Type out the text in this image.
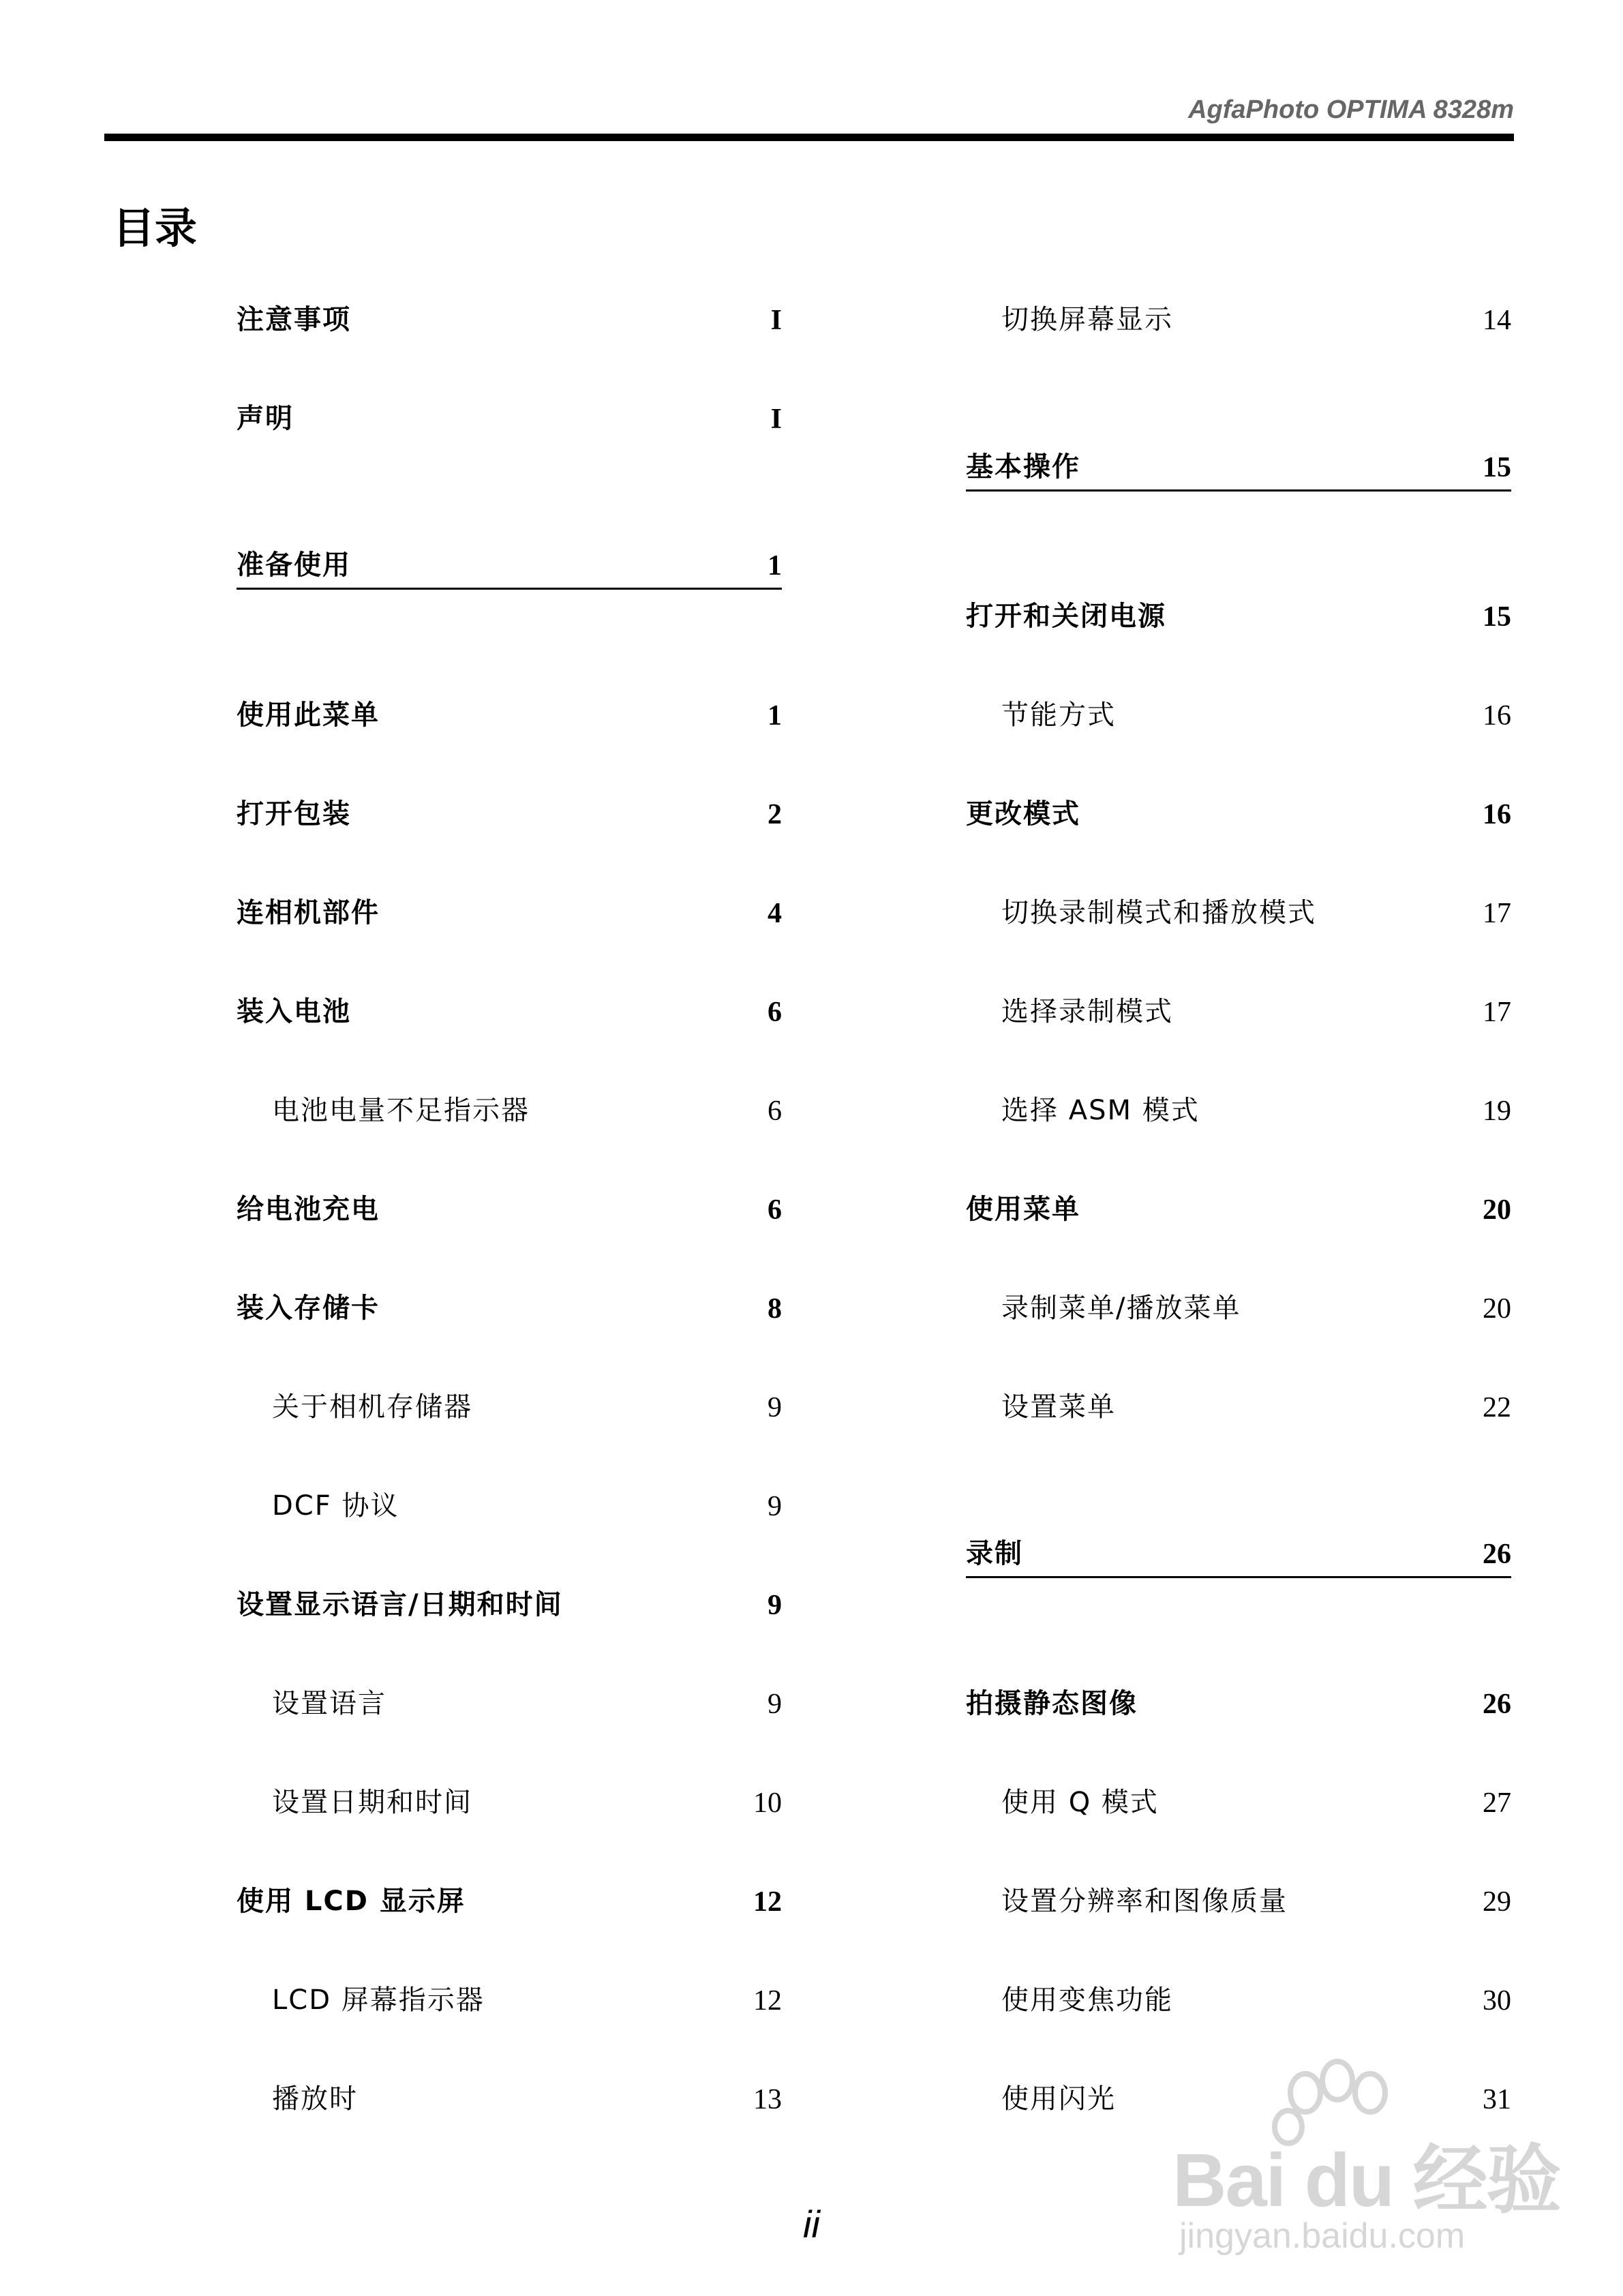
AgfaPhoto OPTIMA 8328m
目录
注意事项	I
声明	I
准备使用	1
使用此菜单	1
打开包装	2
连相机部件	4
装入电池	6
电池电量不足指示器	6
给电池充电	6
装入存储卡	8
关于相机存储器	9
DCF 协议	9
设置显示语言/日期和时间	9
设置语言	9
设置日期和时间	10
使用 LCD 显示屏	12
LCD 屏幕指示器	12
播放时	13
切换屏幕显示	14
基本操作	15
打开和关闭电源	15
节能方式	16
更改模式	16
切换录制模式和播放模式	17
选择录制模式	17
选择 ASM 模式	19
使用菜单	20
录制菜单/播放菜单	20
设置菜单	22
录制	26
拍摄静态图像	26
使用 Q 模式	27
设置分辨率和图像质量	29
使用变焦功能	30
使用闪光	31
ii
Bai du 经验
jingyan.baidu.com
